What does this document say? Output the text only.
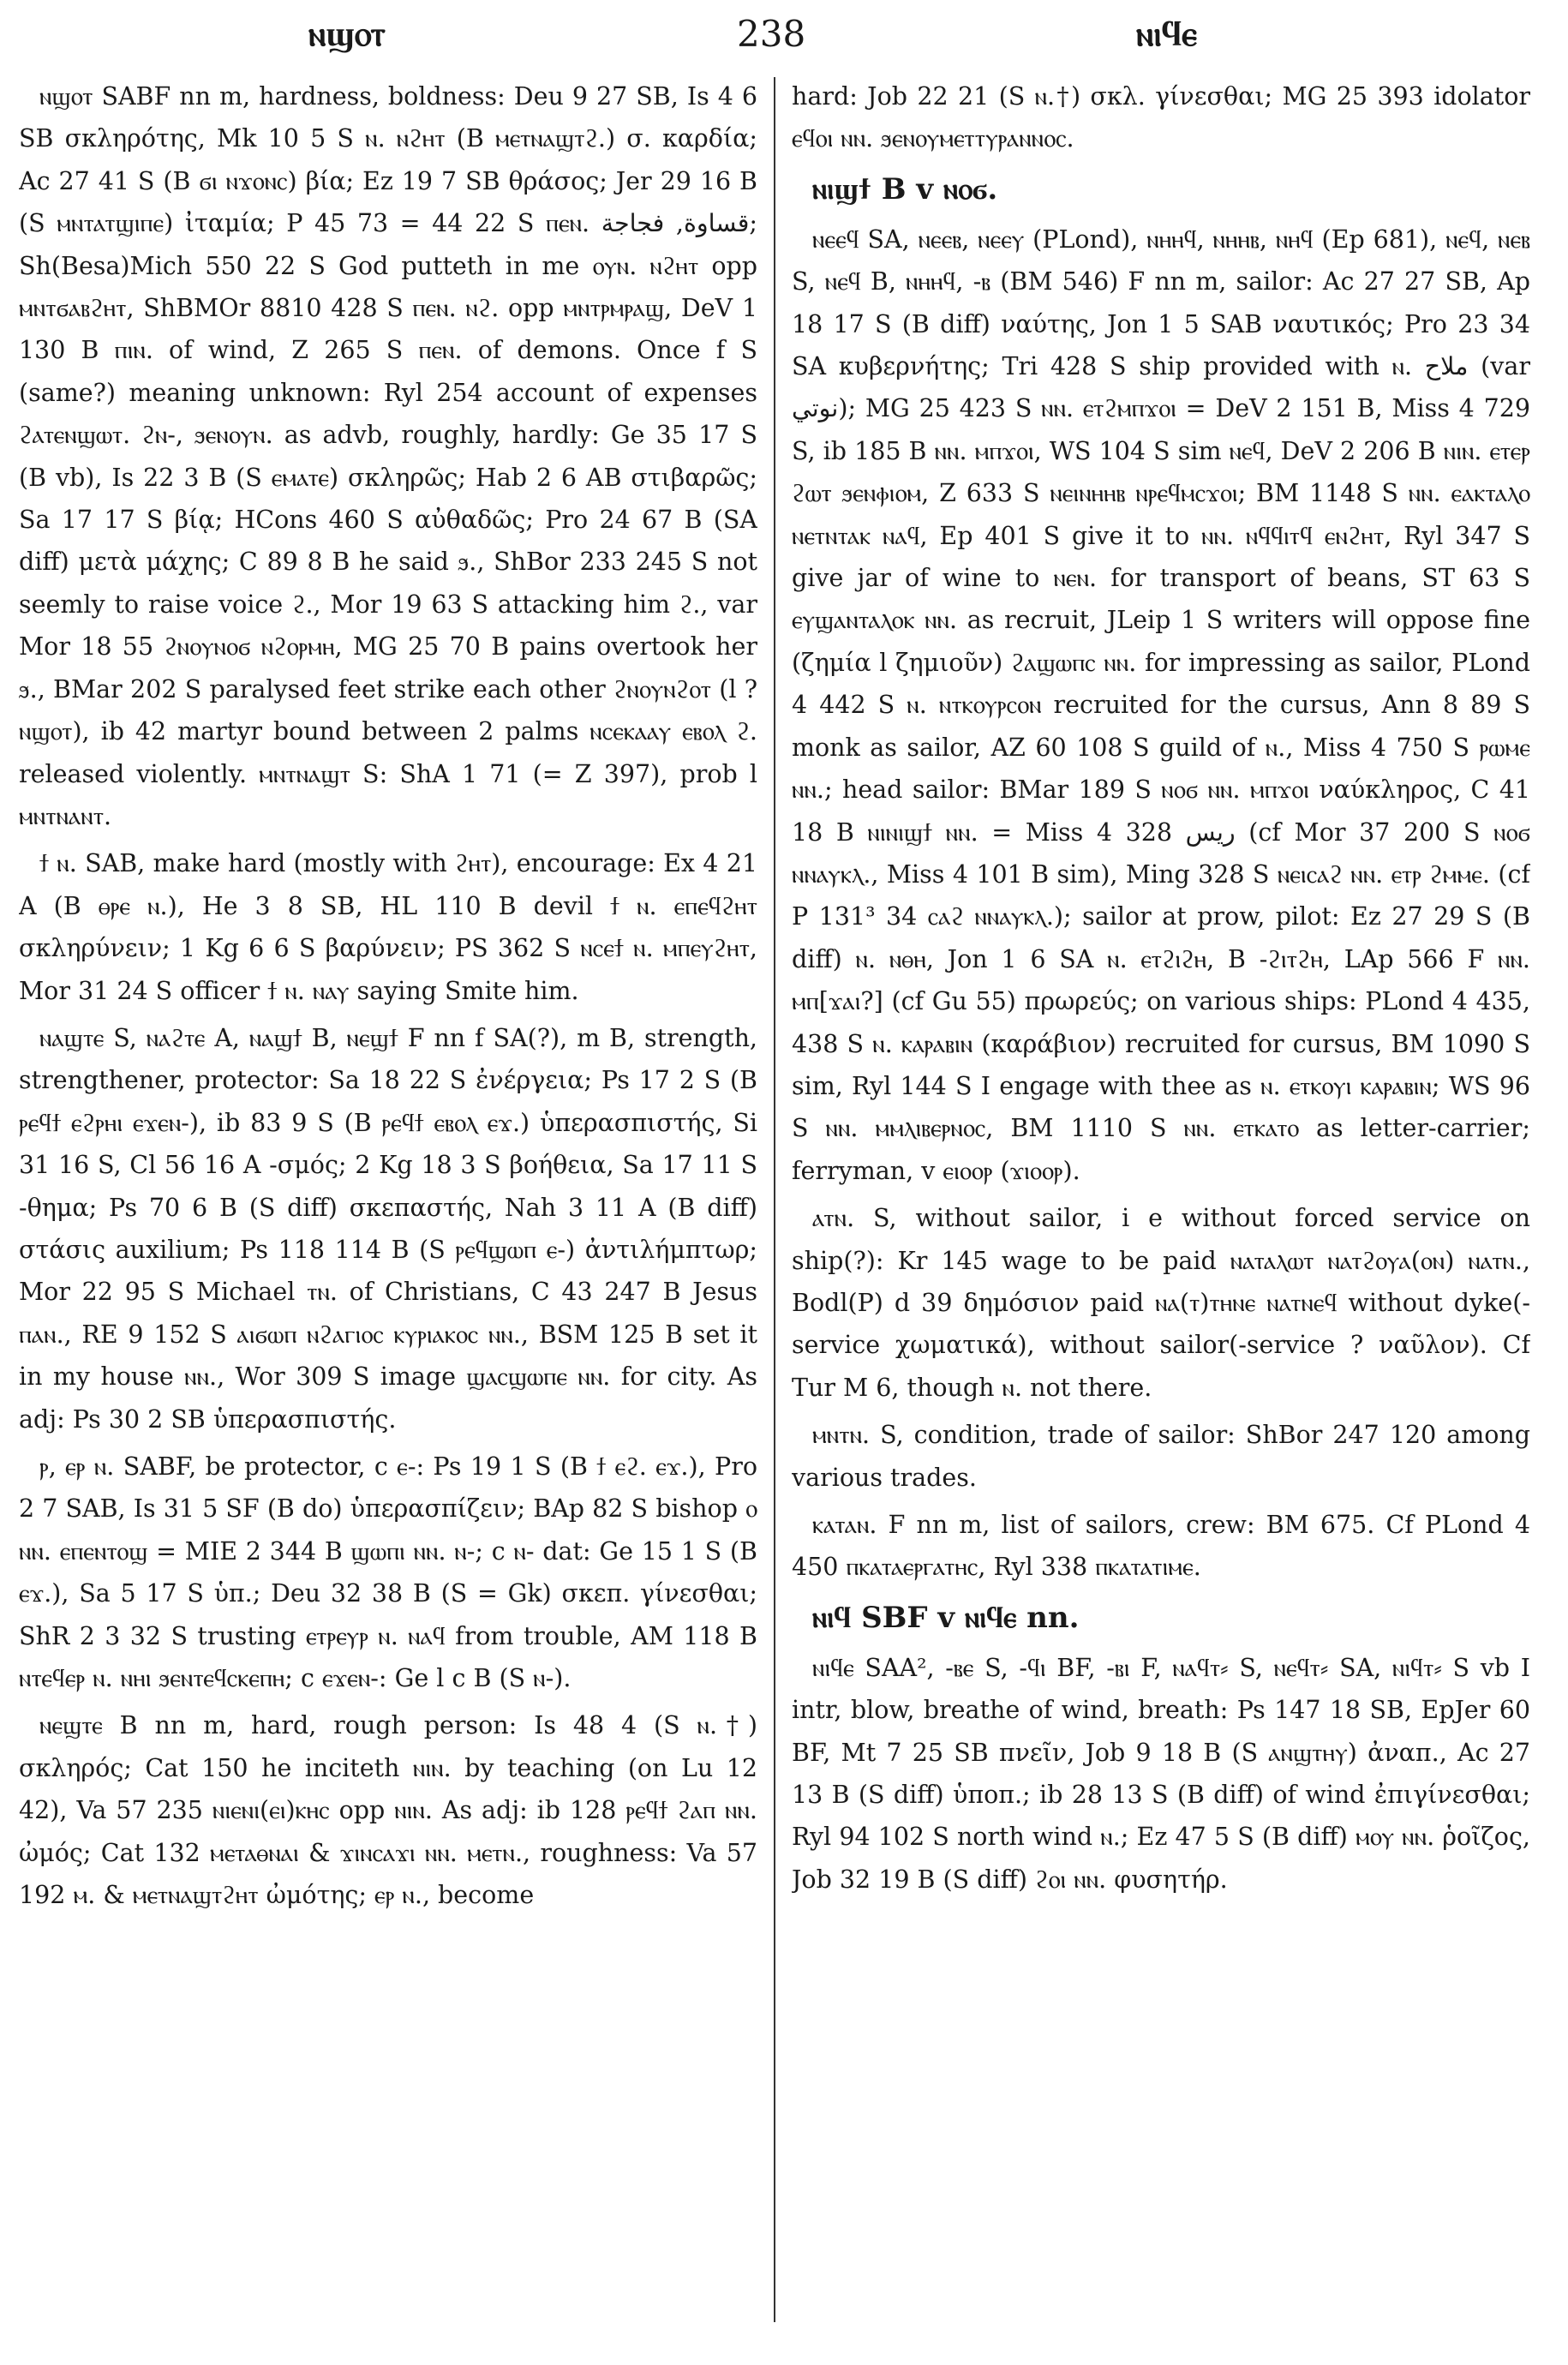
ⲛϣⲟⲧ	238	ⲛⲓϥⲉ

ⲛϣⲟⲧ SABF nn m, hardness, boldness: Deu 9 27 SB, Is 4 6 SB σκληρότης, Mk 10 5 S ⲛ. ⲛϩⲏⲧ (B ⲙⲉⲧⲛⲁϣⲧϩ.) σ. καρδία; Ac 27 41 S (B ϭⲓ ⲛϫⲟⲛⲥ) βία; Ez 19 7 SB θράσος; Jer 29 16 B (S ⲙⲛⲧⲁⲧϣⲓⲡⲉ) ἰταμία; P 45 73 = 44 22 S ⲡⲉⲛ. ﻗﺴﺎﻭﺓ, ﻓﺠﺎﺟﺔ; Sh(Besa)Mich 550 22 S God putteth in me ⲟⲩⲛ. ⲛϩⲏⲧ opp ⲙⲛⲧϭⲁⲃϩⲏⲧ, ShBMOr 8810 428 S ⲡⲉⲛ. ⲛϩ. opp ⲙⲛⲧⲣⲙⲣⲁϣ, DeV 1 130 B ⲡⲓⲛ. of wind, Z 265 S ⲡⲉⲛ. of demons. Once f S (same?) meaning unknown: Ryl 254 account of expenses ϩⲁⲧⲉⲛϣⲱⲧ. ϩⲛ-, ϧⲉⲛⲟⲩⲛ. as advb, roughly, hardly: Ge 35 17 S (B vb), Is 22 3 B (S ⲉⲙⲁⲧⲉ) σκληρῶς; Hab 2 6 AB στιβαρῶς; Sa 17 17 S βίᾳ; HCons 460 S αὐθαδῶς; Pro 24 67 B (SA diff) μετὰ μάχης; C 89 8 B he said ϧ., ShBor 233 245 S not seemly to raise voice ϩ., Mor 19 63 S attacking him ϩ., var Mor 18 55 ϩⲛⲟⲩⲛⲟϭ ⲛϩⲟⲣⲙⲏ, MG 25 70 B pains overtook her ϧ., BMar 202 S paralysed feet strike each other ϩⲛⲟⲩⲛϩⲟⲧ (l ? ⲛϣⲟⲧ), ib 42 martyr bound between 2 palms ⲛⲥⲉⲕⲁⲁⲩ ⲉⲃⲟⲗ ϩ. released violently. ⲙⲛⲧⲛⲁϣⲧ S: ShA 1 71 (= Z 397), prob l ⲙⲛⲧⲛⲁⲛⲧ.

ϯ ⲛ. SAB, make hard (mostly with ϩⲏⲧ), encourage: Ex 4 21 A (B ⲑⲣⲉ ⲛ.), He 3 8 SB, HL 110 B devil ϯ ⲛ. ⲉⲡⲉϥϩⲏⲧ σκληρύνειν; 1 Kg 6 6 S βαρύνειν; PS 362 S ⲛⲥⲉϯ ⲛ. ⲙⲡⲉⲩϩⲏⲧ, Mor 31 24 S officer ϯ ⲛ. ⲛⲁⲩ saying Smite him.

ⲛⲁϣⲧⲉ S, ⲛⲁϩⲧⲉ A, ⲛⲁϣϯ B, ⲛⲉϣϯ F nn f SA(?), m B, strength, strengthener, protector: Sa 18 22 S ἐνέργεια; Ps 17 2 S (B ⲣⲉϥϯ ⲉϩⲣⲏⲓ ⲉϫⲉⲛ-), ib 83 9 S (B ⲣⲉϥϯ ⲉⲃⲟⲗ ⲉϫ.) ὑπερασπιστής, Si 31 16 S, Cl 56 16 A -σμός; 2 Kg 18 3 S βοήθεια, Sa 17 11 S -θημα; Ps 70 6 B (S diff) σκεπαστής, Nah 3 11 A (B diff) στάσις auxilium; Ps 118 114 B (S ⲣⲉϥϣⲱⲡ ⲉ-) ἀντιλήμπτωρ; Mor 22 95 S Michael ⲧⲛ. of Christians, C 43 247 B Jesus ⲡⲁⲛ., RE 9 152 S ⲁⲓϭⲱⲡ ⲛϩⲁⲅⲓⲟⲥ ⲕⲩⲣⲓⲁⲕⲟⲥ ⲛⲛ., BSM 125 B set it in my house ⲛⲛ., Wor 309 S image ϣⲁⲥϣⲱⲡⲉ ⲛⲛ. for city. As adj: Ps 30 2 SB ὑπερασπιστής.

ⲣ, ⲉⲣ ⲛ. SABF, be protector, c ⲉ-: Ps 19 1 S (B ϯ ⲉϩ. ⲉϫ.), Pro 2 7 SAB, Is 31 5 SF (B do) ὑπερασπίζειν; BAp 82 S bishop ⲟ ⲛⲛ. ⲉⲡⲉⲛⲧⲟϣ = MIE 2 344 B ϣⲱⲡⲓ ⲛⲛ. ⲛ-; c ⲛ- dat: Ge 15 1 S (B ⲉϫ.), Sa 5 17 S ὑπ.; Deu 32 38 B (S = Gk) σκεπ. γίνεσθαι; ShR 2 3 32 S trusting ⲉⲧⲣⲉⲩⲣ ⲛ. ⲛⲁϥ from trouble, AM 118 B ⲛⲧⲉϥⲉⲣ ⲛ. ⲛⲏⲓ ϧⲉⲛⲧⲉϥⲥⲕⲉⲡⲏ; c ⲉϫⲉⲛ-: Ge l c B (S ⲛ-).

ⲛⲉϣⲧⲉ B nn m, hard, rough person: Is 48 4 (S ⲛ.†) σκληρός; Cat 150 he inciteth ⲛⲓⲛ. by teaching (on Lu 12 42), Va 57 235 ⲛⲓⲉⲛⲓ(ⲉⲓ)ⲕⲏⲥ opp ⲛⲓⲛ. As adj: ib 128 ⲣⲉϥϯ ϩⲁⲡ ⲛⲛ. ὠμός; Cat 132 ⲙⲉⲧⲁⲑⲛⲁⲓ & ϫⲓⲛⲥⲁϫⲓ ⲛⲛ. ⲙⲉⲧⲛ., roughness: Va 57 192 ⲙ. & ⲙⲉⲧⲛⲁϣⲧϩⲏⲧ ὠμότης; ⲉⲣ ⲛ., become

hard: Job 22 21 (S ⲛ.†) σκλ. γίνεσθαι; MG 25 393 idolator ⲉϥⲟⲓ ⲛⲛ. ϧⲉⲛⲟⲩⲙⲉⲧⲧⲩⲣⲁⲛⲛⲟⲥ.

ⲛⲓϣϯ B v ⲛⲟϭ.

ⲛⲉⲉϥ SA, ⲛⲉⲉⲃ, ⲛⲉⲉⲩ (PLond), ⲛⲏⲏϥ, ⲛⲏⲏⲃ, ⲛⲏϥ (Ep 681), ⲛⲉϥ, ⲛⲉⲃ S, ⲛⲉϥ B, ⲛⲏⲏϥ, -ⲃ (BM 546) F nn m, sailor: Ac 27 27 SB, Ap 18 17 S (B diff) ναύτης, Jon 1 5 SAB ναυτικός; Pro 23 34 SA κυβερνήτης; Tri 428 S ship provided with ⲛ. ﻣﻼﺡ (var ﻧﻮﺗﻲ); MG 25 423 S ⲛⲛ. ⲉⲧϩⲙⲡϫⲟⲓ = DeV 2 151 B, Miss 4 729 S, ib 185 B ⲛⲛ. ⲙⲡϫⲟⲓ, WS 104 S sim ⲛⲉϥ, DeV 2 206 B ⲛⲓⲛ. ⲉⲧⲉⲣ ϩⲱⲧ ϧⲉⲛⲫⲓⲟⲙ, Z 633 S ⲛⲉⲓⲛⲏⲏⲃ ⲛⲣⲉϥⲙⲥϫⲟⲓ; BM 1148 S ⲛⲛ. ⲉⲁⲕⲧⲁⲗⲟ ⲛⲉⲧⲛⲧⲁⲕ ⲛⲁϥ, Ep 401 S give it to ⲛⲛ. ⲛϥϥⲓⲧϥ ⲉⲛϩⲏⲧ, Ryl 347 S give jar of wine to ⲛⲉⲛ. for transport of beans, ST 63 S ⲉⲩϣⲁⲛⲧⲁⲗⲟⲕ ⲛⲛ. as recruit, JLeip 1 S writers will oppose fine (ζημία l ζημιοῦν) ϩⲁϣⲱⲡⲥ ⲛⲛ. for impressing as sailor, PLond 4 442 S ⲛ. ⲛⲧⲕⲟⲩⲣⲥⲟⲛ recruited for the cursus, Ann 8 89 S monk as sailor, AZ 60 108 S guild of ⲛ., Miss 4 750 S ⲣⲱⲙⲉ ⲛⲛ.; head sailor: BMar 189 S ⲛⲟϭ ⲛⲛ. ⲙⲡϫⲟⲓ ναύκληρος, C 41 18 B ⲛⲓⲛⲓϣϯ ⲛⲛ. = Miss 4 328 ﺭﻳﺲ (cf Mor 37 200 S ⲛⲟϭ ⲛⲛⲁⲩⲕⲗ., Miss 4 101 B sim), Ming 328 S ⲛⲉⲓⲥⲁϩ ⲛⲛ. ⲉⲧⲣ ϩⲙⲙⲉ. (cf P 131³ 34 ⲥⲁϩ ⲛⲛⲁⲩⲕⲗ.); sailor at prow, pilot: Ez 27 29 S (B diff) ⲛ. ⲛⲑⲏ, Jon 1 6 SA ⲛ. ⲉⲧϩⲓϩⲏ, B -ϩⲓⲧϩⲏ, LAp 566 F ⲛⲛ. ⲙⲡ[ϫⲁⲓ?] (cf Gu 55) πρωρεύς; on various ships: PLond 4 435, 438 S ⲛ. ⲕⲁⲣⲁⲃⲓⲛ (καράβιον) recruited for cursus, BM 1090 S sim, Ryl 144 S I engage with thee as ⲛ. ⲉⲧⲕⲟⲩⲓ ⲕⲁⲣⲁⲃⲓⲛ; WS 96 S ⲛⲛ. ⲙⲙⲗⲓⲃⲉⲣⲛⲟⲥ, BM 1110 S ⲛⲛ. ⲉⲧⲕⲁⲧⲟ as letter-carrier; ferryman, v ⲉⲓⲟⲟⲣ (ϫⲓⲟⲟⲣ).

ⲁⲧⲛ. S, without sailor, i e without forced service on ship(?): Kr 145 wage to be paid ⲛⲁⲧⲁⲗⲱⲧ ⲛⲁⲧϩⲟⲩⲁ(ⲟⲛ) ⲛⲁⲧⲛ., Bodl(P) d 39 δημόσιον paid ⲛⲁ(ⲧ)ⲧⲏⲛⲉ ⲛⲁⲧⲛⲉϥ without dyke(-service χωματικά), without sailor(-service ? ναῦλον). Cf Tur M 6, though ⲛ. not there.

ⲙⲛⲧⲛ. S, condition, trade of sailor: ShBor 247 120 among various trades.

ⲕⲁⲧⲁⲛ. F nn m, list of sailors, crew: BM 675. Cf PLond 4 450 ⲡⲕⲁⲧⲁⲉⲣⲅⲁⲧⲏⲥ, Ryl 338 ⲡⲕⲁⲧⲁⲧⲓⲙⲉ.

ⲛⲓϥ SBF v ⲛⲓϥⲉ nn.

ⲛⲓϥⲉ SAA², -ⲃⲉ S, -ϥⲓ BF, -ⲃⲓ F, ⲛⲁϥⲧ⸗ S, ⲛⲉϥⲧ⸗ SA, ⲛⲓϥⲧ⸗ S vb I intr, blow, breathe of wind, breath: Ps 147 18 SB, EpJer 60 BF, Mt 7 25 SB πνεῖν, Job 9 18 B (S ⲁⲛϣⲧⲏⲩ) ἀναπ., Ac 27 13 B (S diff) ὑποπ.; ib 28 13 S (B diff) of wind ἐπιγίνεσθαι; Ryl 94 102 S north wind ⲛ.; Ez 47 5 S (B diff) ⲙⲟⲩ ⲛⲛ. ῥοῖζος, Job 32 19 B (S diff) ϩⲟⲓ ⲛⲛ. φυσητήρ.
